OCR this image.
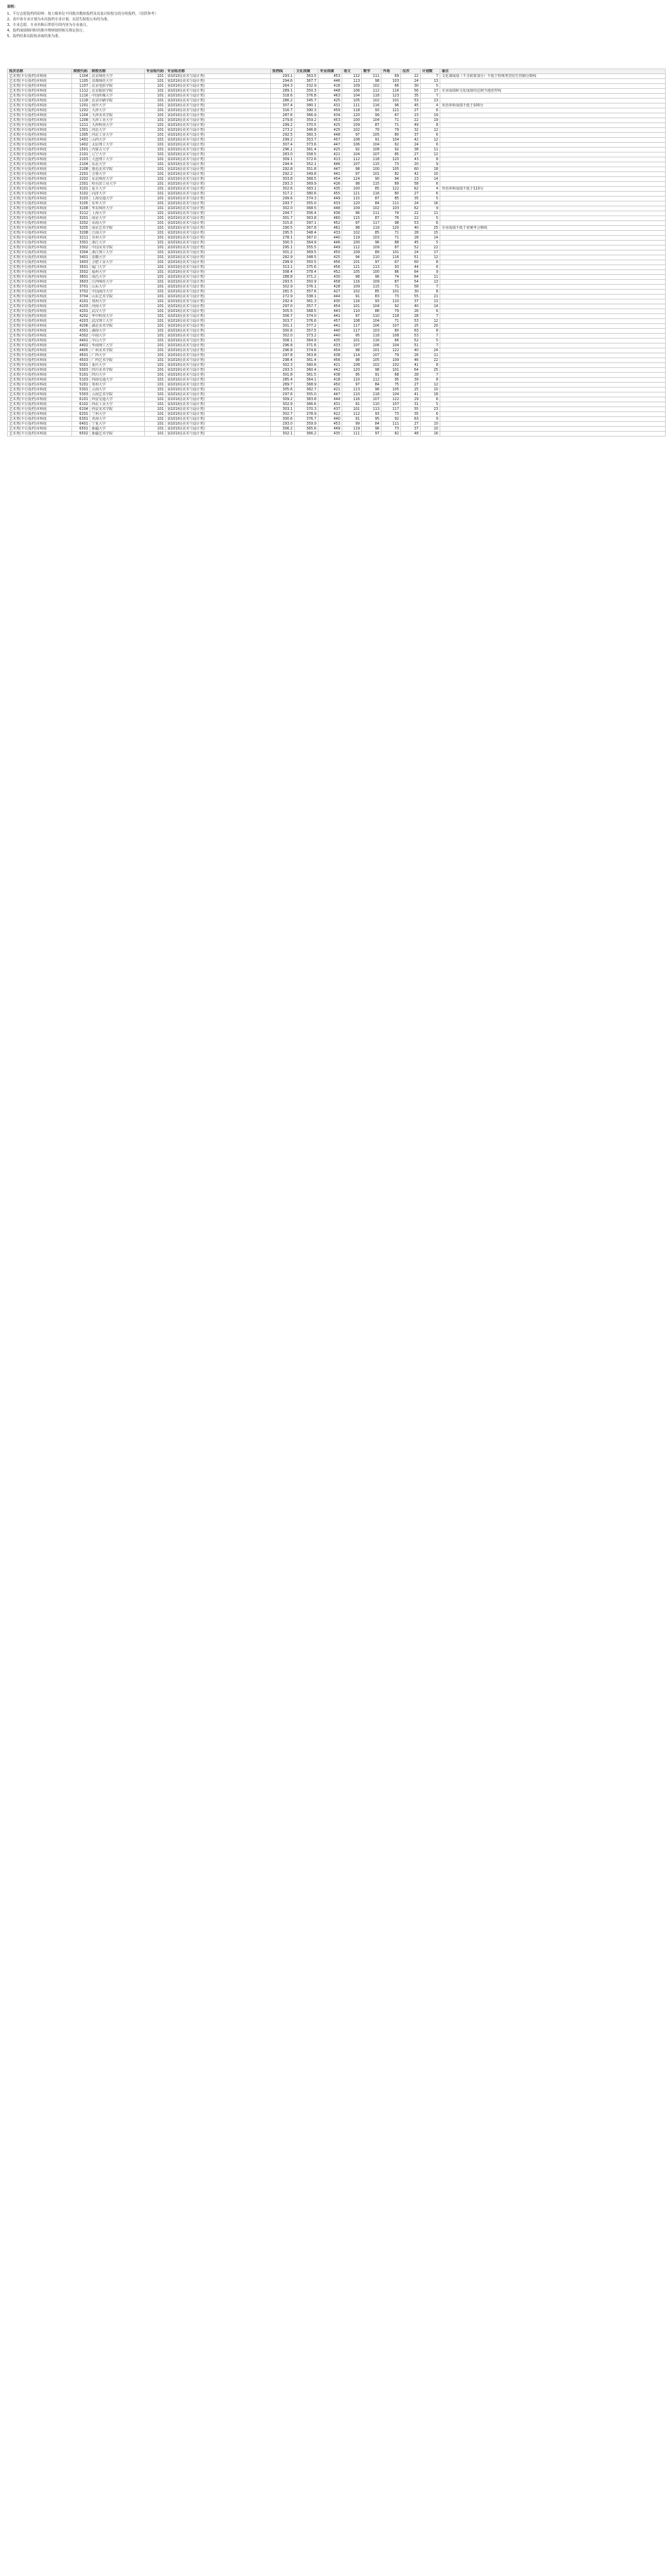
说明：

1、平行志愿投档的原则：按上级单位不同批次模拟投档及其设计院校分段分组投档，（仅供参考）

2、表中各专业计划为本次投档专业计划，以招生院校公布的为准。

3、专业志愿，专业名称后带括号的内容为专业备注。

4、投档成绩相同时的排序规则按照相关规定执行。

5、投档结果以院校录取结果为准。

批次名称	院校代码	院校名称	专业组代码	专业组名称	投档线	文化成绩	专业成绩	语文	数学	外语	位次	计划数	备注
艺术类(平行投档)本科批	1104	北京师范大学	101	第101组(美术与设计类)	293.1	363.5	453	112	111	69	22	7	文化课成绩（不含政策加分）不低于特殊类型招生控制分数线
艺术类(平行投档)本科批	1105	首都师范大学	101	第101组(美术与设计类)	294.6	367.7	446	113	98	103	24	13	
艺术类(平行投档)本科批	1107	北京电影学院	101	第101组(美术与设计类)	264.3	332.9	418	109	102	66	30	5	
艺术类(平行投档)本科批	1112	北京服装学院	101	第101组(美术与设计类)	289.1	350.3	448	106	112	116	56	17	专业成绩和文化成绩均达到当地省控线
艺术类(平行投档)本科批	1116	中国传媒大学	101	第101组(美术与设计类)	318.6	376.8	463	104	118	123	35	7	
艺术类(平行投档)本科批	1118	北京印刷学院	101	第101组(美术与设计类)	286.2	345.7	425	105	102	101	53	13	
艺术类(平行投档)本科批	1201	南开大学	101	第101组(美术与设计类)	307.4	380.1	431	111	116	96	45	4	英语单科成绩不低于100分
艺术类(平行投档)本科批	1202	天津大学	101	第101组(美术与设计类)	316.7	390.3	459	118	93	121	27	6	
艺术类(平行投档)本科批	1204	天津美术学院	101	第101组(美术与设计类)	287.6	366.9	434	120	99	67	23	19	
艺术类(平行投档)本科批	1208	天津工业大学	101	第101组(美术与设计类)	279.8	359.2	453	100	104	71	22	19	
艺术类(平行投档)本科批	1211	天津科技大学	101	第101组(美术与设计类)	299.2	370.5	425	109	87	71	49	8	
艺术类(平行投档)本科批	1301	河北大学	101	第101组(美术与设计类)	273.2	346.8	425	102	79	79	32	12	
艺术类(平行投档)本科批	1305	河北工业大学	101	第101组(美术与设计类)	292.5	360.3	448	97	105	80	37	6	
艺术类(平行投档)本科批	1401	山西大学	101	第101组(美术与设计类)	299.2	353.7	457	108	91	104	42	12	
艺术类(平行投档)本科批	1402	太原理工大学	101	第101组(美术与设计类)	307.4	373.6	447	106	104	62	24	6	
艺术类(平行投档)本科批	1501	内蒙古大学	101	第101组(美术与设计类)	296.1	361.4	425	92	108	92	38	11	
艺术类(平行投档)本科批	2101	辽宁大学	101	第101组(美术与设计类)	283.0	358.5	421	104	107	85	27	12	
艺术类(平行投档)本科批	2103	大连理工大学	101	第101组(美术与设计类)	309.1	372.6	413	112	118	120	43	8	
艺术类(平行投档)本科批	2104	东北大学	101	第101组(美术与设计类)	294.4	352.1	446	107	115	73	20	9	
艺术类(平行投档)本科批	2108	鲁迅美术学院	101	第101组(美术与设计类)	292.8	351.8	447	98	100	105	60	18	
艺术类(平行投档)本科批	2201	吉林大学	101	第101组(美术与设计类)	292.2	349.8	441	97	101	82	42	10	
艺术类(平行投档)本科批	2202	东北师范大学	101	第101组(美术与设计类)	303.8	368.5	454	124	90	94	23	14	
艺术类(平行投档)本科批	2301	哈尔滨工业大学	101	第101组(美术与设计类)	293.3	369.9	426	98	115	89	58	6	
艺术类(平行投档)本科批	3101	复旦大学	101	第101组(美术与设计类)	302.6	383.1	435	100	85	122	62	4	外语单科成绩不低于110分
艺术类(平行投档)本科批	3102	同济大学	101	第101组(美术与设计类)	317.2	380.6	455	121	116	80	27	6	
艺术类(平行投档)本科批	3103	上海交通大学	101	第101组(美术与设计类)	299.6	374.3	449	115	87	85	35	5	
艺术类(平行投档)本科批	3105	东华大学	101	第101组(美术与设计类)	293.7	355.0	433	120	84	111	24	16	
艺术类(平行投档)本科批	3108	华东师范大学	101	第101组(美术与设计类)	302.0	368.5	448	109	102	103	62	9	
艺术类(平行投档)本科批	3112	上海大学	101	第101组(美术与设计类)	294.7	356.4	436	96	111	74	22	11	
艺术类(平行投档)本科批	3201	南京大学	101	第101组(美术与设计类)	301.7	363.8	460	115	87	76	22	5	
艺术类(平行投档)本科批	3202	东南大学	101	第101组(美术与设计类)	315.6	397.1	452	97	117	98	53	6	
艺术类(平行投档)本科批	3205	南京艺术学院	101	第101组(美术与设计类)	290.5	367.8	461	98	119	120	40	25	专业成绩不低于省统考合格线
艺术类(平行投档)本科批	3208	江南大学	101	第101组(美术与设计类)	295.5	348.4	433	102	85	71	28	15	
艺术类(平行投档)本科批	3211	苏州大学	101	第101组(美术与设计类)	278.1	367.0	440	119	103	71	28	14	
艺术类(平行投档)本科批	3301	浙江大学	101	第101组(美术与设计类)	300.3	364.9	446	100	96	88	45	5	
艺术类(平行投档)本科批	3302	中国美术学院	101	第101组(美术与设计类)	295.1	355.5	449	112	109	87	52	22	
艺术类(平行投档)本科批	3304	浙江理工大学	101	第101组(美术与设计类)	301.2	369.5	450	109	89	101	24	17	
艺术类(平行投档)本科批	3401	安徽大学	101	第101组(美术与设计类)	282.9	348.5	425	94	110	116	51	12	
艺术类(平行投档)本科批	3403	合肥工业大学	101	第101组(美术与设计类)	299.9	350.5	456	101	97	67	60	8	
艺术类(平行投档)本科批	3501	厦门大学	101	第101组(美术与设计类)	313.1	375.6	456	121	113	93	44	6	
艺术类(平行投档)本科批	3502	福州大学	101	第101组(美术与设计类)	308.4	378.4	452	105	100	86	64	9	
艺术类(平行投档)本科批	3601	南昌大学	101	第101组(美术与设计类)	288.8	371.2	430	98	96	74	64	11	
艺术类(平行投档)本科批	3603	江西师范大学	101	第101组(美术与设计类)	293.5	350.9	458	116	109	87	54	13	
艺术类(平行投档)本科批	3701	山东大学	101	第101组(美术与设计类)	302.9	376.1	428	109	115	71	58	7	
艺术类(平行投档)本科批	3702	中国海洋大学	101	第101组(美术与设计类)	281.5	357.6	427	102	85	101	30	8	
艺术类(平行投档)本科批	3704	山东艺术学院	101	第101组(美术与设计类)	272.9	338.1	444	91	83	73	55	21	
艺术类(平行投档)本科批	4101	郑州大学	101	第101组(美术与设计类)	292.4	361.3	430	116	93	110	37	13	
艺术类(平行投档)本科批	4103	河南大学	101	第101组(美术与设计类)	297.0	357.7	454	101	104	92	40	14	
艺术类(平行投档)本科批	4201	武汉大学	101	第101组(美术与设计类)	305.5	368.5	443	110	88	79	26	6	
艺术类(平行投档)本科批	4202	华中科技大学	101	第101组(美术与设计类)	306.7	374.0	441	97	110	118	28	7	
艺术类(平行投档)本科批	4203	武汉理工大学	101	第101组(美术与设计类)	303.7	376.6	457	108	104	71	53	12	
艺术类(平行投档)本科批	4206	湖北美术学院	101	第101组(美术与设计类)	301.1	377.2	441	117	106	107	25	20	
艺术类(平行投档)本科批	4301	湖南大学	101	第101组(美术与设计类)	300.6	357.5	440	117	103	80	63	8	
艺术类(平行投档)本科批	4302	中南大学	101	第101组(美术与设计类)	302.0	373.2	440	95	118	108	53	7	
艺术类(平行投档)本科批	4401	中山大学	101	第101组(美术与设计类)	308.1	364.9	435	101	116	66	52	5	
艺术类(平行投档)本科批	4402	华南理工大学	101	第101组(美术与设计类)	296.8	371.6	433	107	106	104	51	7	
艺术类(平行投档)本科批	4405	广州美术学院	101	第101组(美术与设计类)	296.8	374.6	454	98	101	122	40	24	
艺术类(平行投档)本科批	4501	广西大学	101	第101组(美术与设计类)	297.8	363.8	438	114	107	79	26	11	
艺术类(平行投档)本科批	4503	广西艺术学院	101	第101组(美术与设计类)	298.4	361.4	456	98	105	109	46	22	
艺术类(平行投档)本科批	5001	重庆大学	101	第101组(美术与设计类)	302.3	360.6	421	108	102	102	41	8	
艺术类(平行投档)本科批	5003	四川美术学院	101	第101组(美术与设计类)	293.3	360.4	442	120	98	101	64	25	
艺术类(平行投档)本科批	5101	四川大学	101	第101组(美术与设计类)	301.8	361.5	438	95	91	68	28	7	
艺术类(平行投档)本科批	5103	西南交通大学	101	第101组(美术与设计类)	285.4	364.1	418	110	112	95	39	8	
艺术类(平行投档)本科批	5201	贵州大学	101	第101组(美术与设计类)	289.7	368.9	450	97	84	75	27	12	
艺术类(平行投档)本科批	5301	云南大学	101	第101组(美术与设计类)	305.6	382.7	421	113	96	105	25	10	
艺术类(平行投档)本科批	5303	云南艺术学院	101	第101组(美术与设计类)	297.6	355.0	447	110	118	104	41	18	
艺术类(平行投档)本科批	6101	西安交通大学	101	第101组(美术与设计类)	309.2	383.8	444	116	107	122	29	6	
艺术类(平行投档)本科批	6102	西北工业大学	101	第101组(美术与设计类)	302.9	366.6	431	91	110	107	31	5	
艺术类(平行投档)本科批	6104	西安美术学院	101	第101组(美术与设计类)	303.1	370.3	437	101	113	117	55	23	
艺术类(平行投档)本科批	6201	兰州大学	101	第101组(美术与设计类)	302.7	378.9	422	112	93	73	35	6	
艺术类(平行投档)本科批	6301	青海大学	101	第101组(美术与设计类)	300.6	376.7	440	91	95	92	63	9	
艺术类(平行投档)本科批	6401	宁夏大学	101	第101组(美术与设计类)	293.0	359.9	453	99	84	111	27	10	
艺术类(平行投档)本科批	6501	新疆大学	101	第101组(美术与设计类)	306.2	365.6	449	119	96	73	37	10	
艺术类(平行投档)本科批	6502	新疆艺术学院	101	第101组(美术与设计类)	302.1	366.2	435	111	97	82	48	16	
